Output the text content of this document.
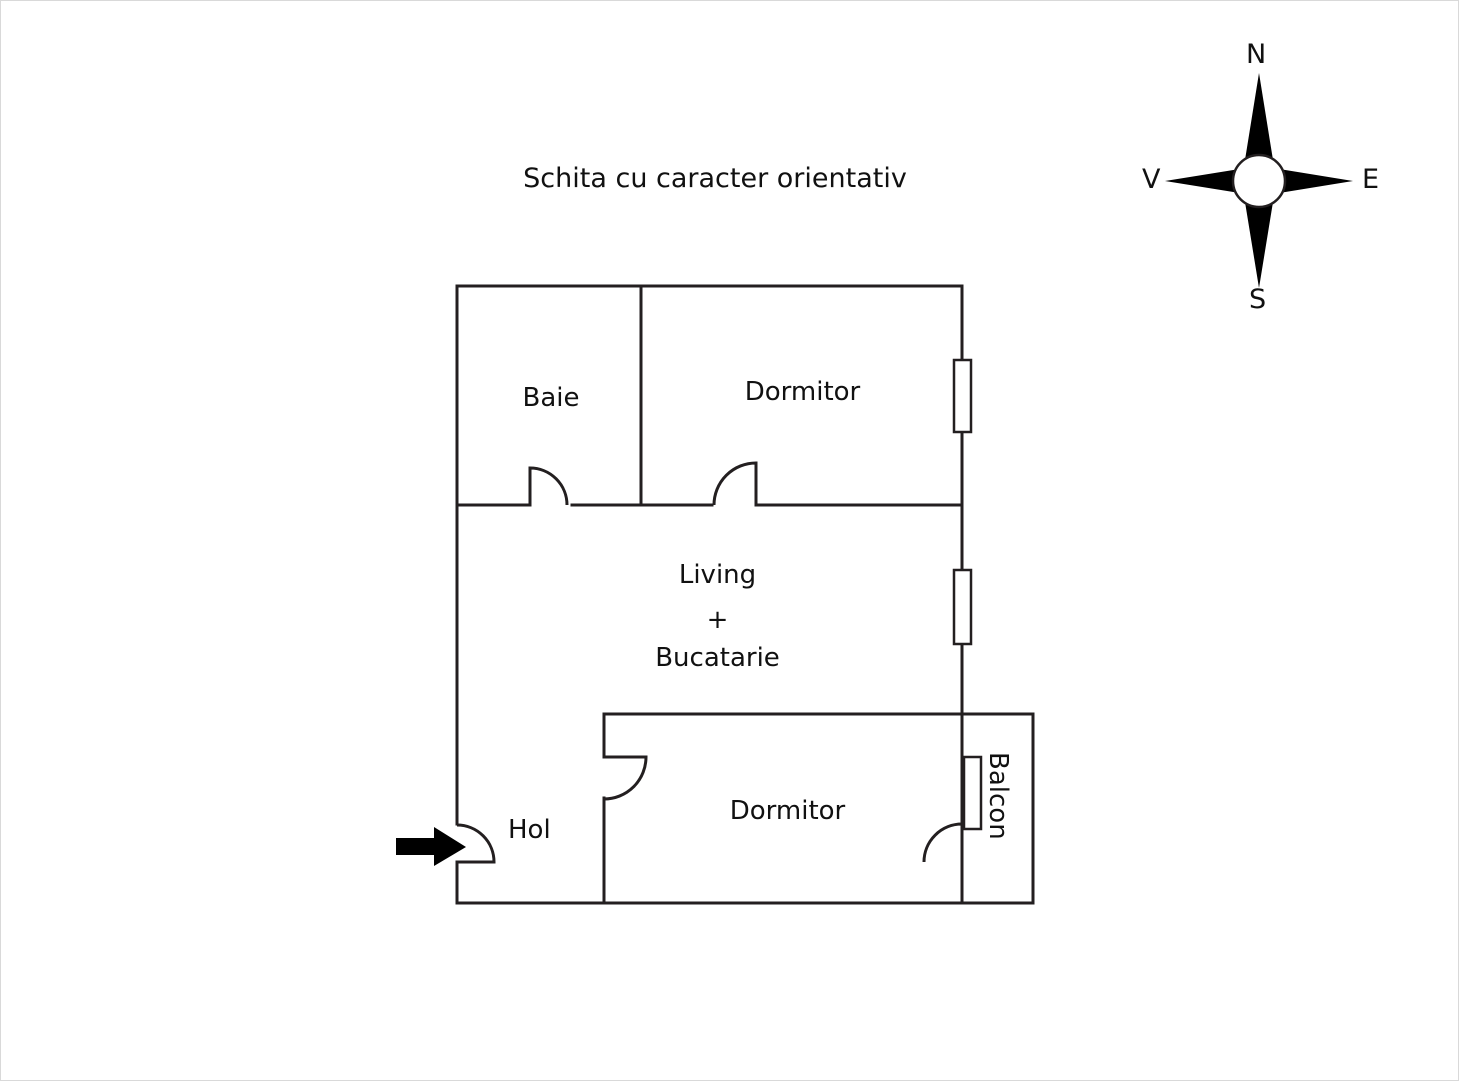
Schita cu caracter orientativ
Baie	Dormitor
Living
+
Bucatarie
Dormitor
Hol	Balcon
N
E
S
V
